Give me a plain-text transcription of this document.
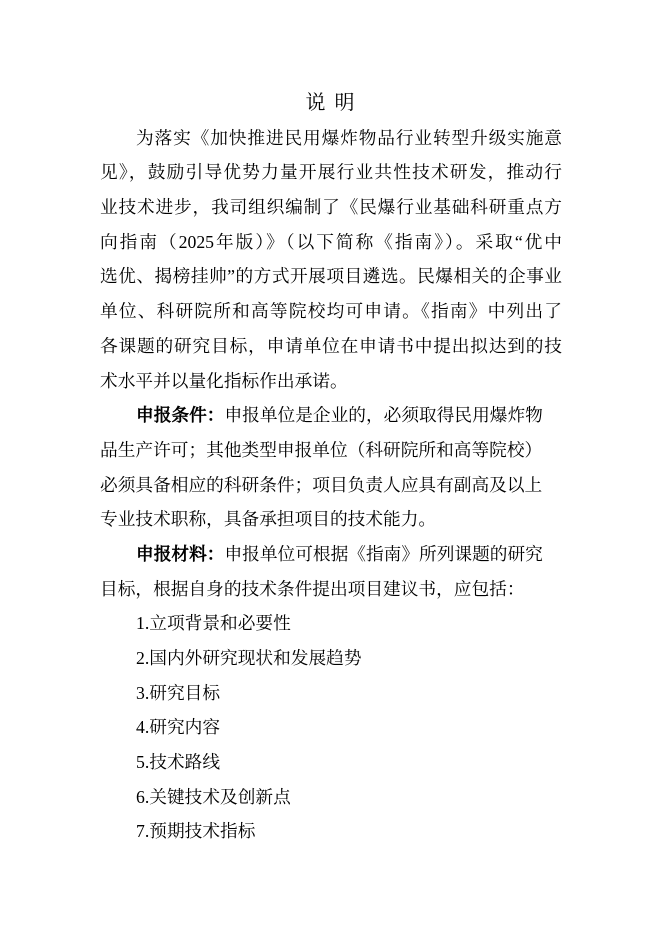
说 明
为落实《加快推进民用爆炸物品行业转型升级实施意
见》，鼓励引导优势力量开展行业共性技术研发，推动行
业技术进步，我司组织编制了《民爆行业基础科研重点方
向指南（2025年版）》（以下简称《指南》）。采取“优中
选优、揭榜挂帅”的方式开展项目遴选。民爆相关的企事业
单位、科研院所和高等院校均可申请。《指南》中列出了
各课题的研究目标，申请单位在申请书中提出拟达到的技
术水平并以量化指标作出承诺。
申报条件：申报单位是企业的，必须取得民用爆炸物
品生产许可；其他类型申报单位（科研院所和高等院校）
必须具备相应的科研条件；项目负责人应具有副高及以上
专业技术职称，具备承担项目的技术能力。
申报材料：申报单位可根据《指南》所列课题的研究
目标，根据自身的技术条件提出项目建议书，应包括：
1.立项背景和必要性
2.国内外研究现状和发展趋势
3.研究目标
4.研究内容
5.技术路线
6.关键技术及创新点
7.预期技术指标
